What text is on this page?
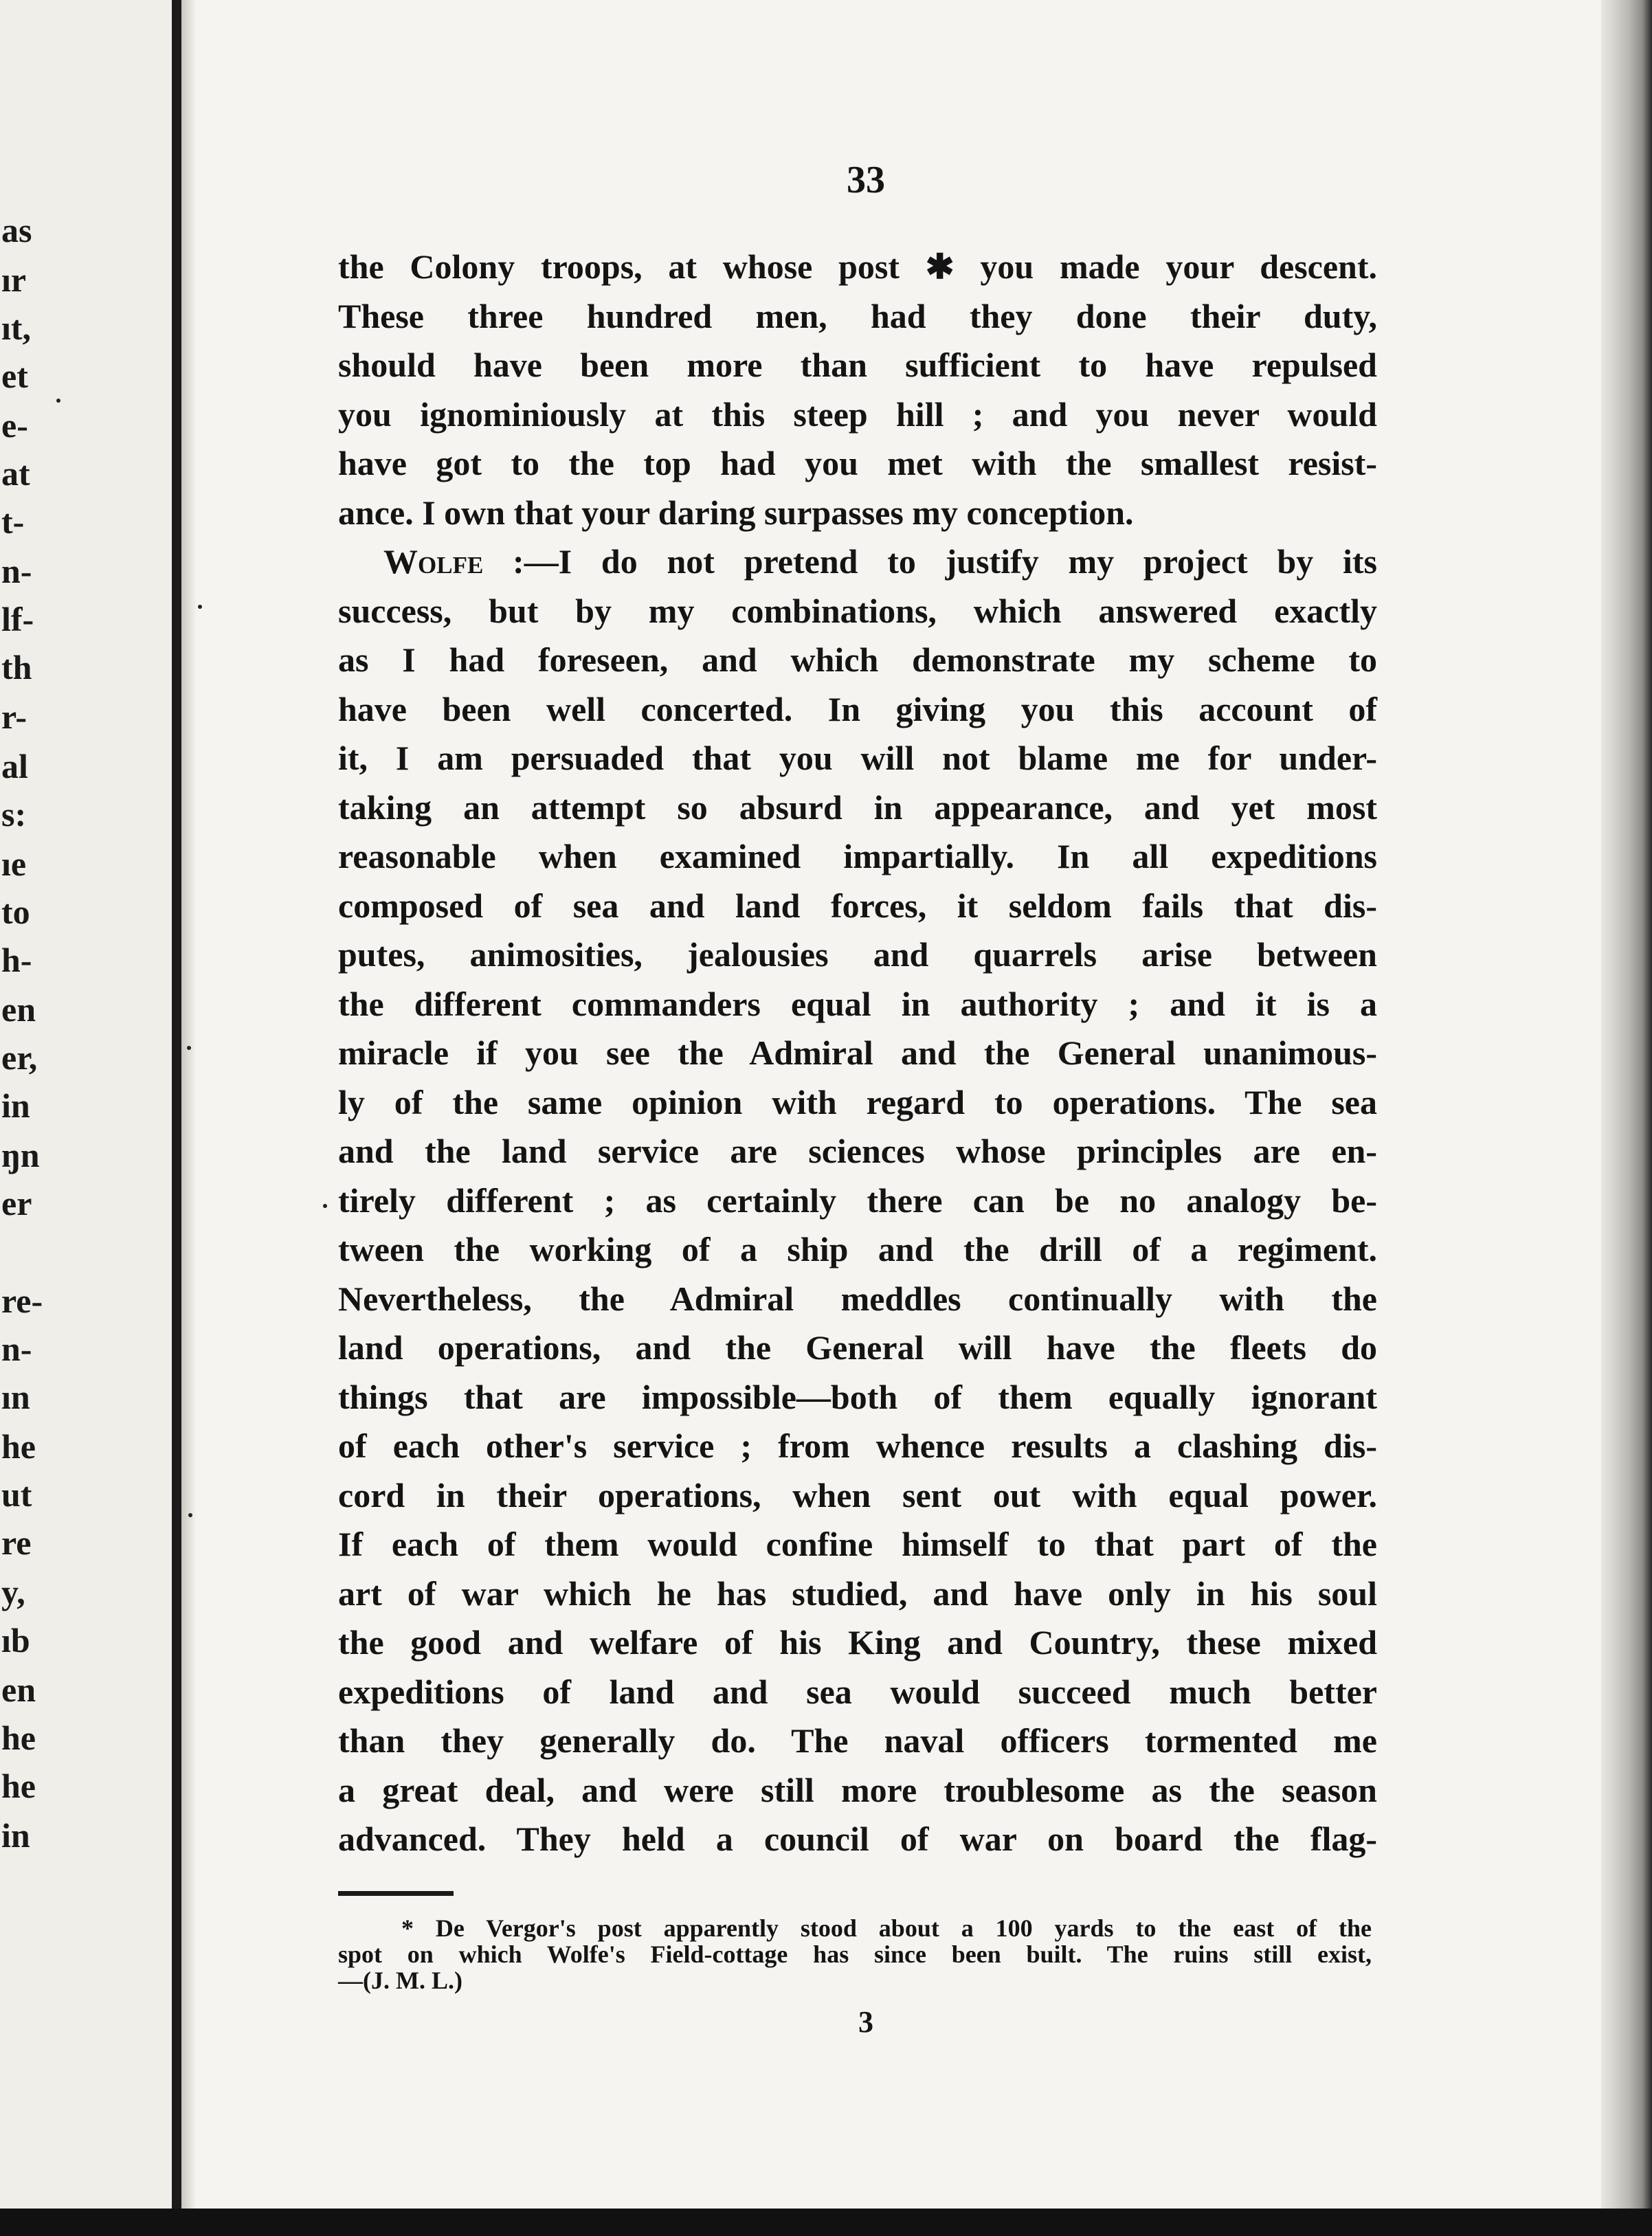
as
ır
ıt,
et
e-
at
t-
n-
lf-
th
r-
al
s:
ıe
to
h-
en
er,
in
ŋn
er
re-
n-
ın
he
ut
re
y,
ıb
en
he
he
in
33
the Colony troops, at whose post ✱ you made your descent.
These three hundred men, had they done their duty,
should have been more than sufficient to have repulsed
you ignominiously at this steep hill ; and you never would
have got to the top had you met with the smallest resist-
ance. I own that your daring surpasses my conception.
Wolfe :—I do not pretend to justify my project by its
success, but by my combinations, which answered exactly
as I had foreseen, and which demonstrate my scheme to
have been well concerted. In giving you this account of
it, I am persuaded that you will not blame me for under-
taking an attempt so absurd in appearance, and yet most
reasonable when examined impartially. In all expeditions
composed of sea and land forces, it seldom fails that dis-
putes, animosities, jealousies and quarrels arise between
the different commanders equal in authority ; and it is a
miracle if you see the Admiral and the General unanimous-
ly of the same opinion with regard to operations. The sea
and the land service are sciences whose principles are en-
tirely different ; as certainly there can be no analogy be-
tween the working of a ship and the drill of a regiment.
Nevertheless, the Admiral meddles continually with the
land operations, and the General will have the fleets do
things that are impossible—both of them equally ignorant
of each other's service ; from whence results a clashing dis-
cord in their operations, when sent out with equal power.
If each of them would confine himself to that part of the
art of war which he has studied, and have only in his soul
the good and welfare of his King and Country, these mixed
expeditions of land and sea would succeed much better
than they generally do. The naval officers tormented me
a great deal, and were still more troublesome as the season
advanced. They held a council of war on board the flag-
* De Vergor's post apparently stood about a 100 yards to the east of the
spot on which Wolfe's Field-cottage has since been built. The ruins still exist,
—(J. M. L.)
3
